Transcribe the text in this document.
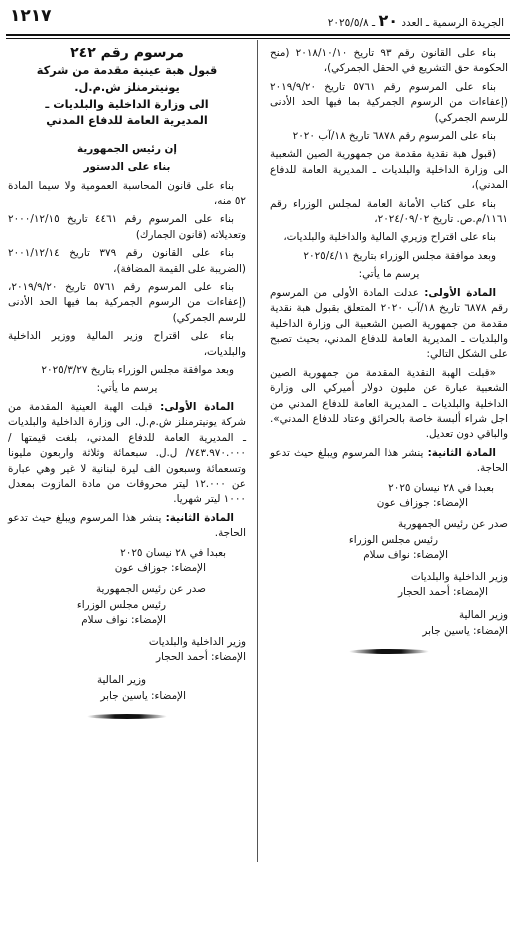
١٢١٧	الجريدة الرسمية ـ العدد ٢٠ ـ ٢٠٢٥/٥/٨

بناء على القانون رقم ٩٣ تاريخ ٢٠١٨/١٠/١٠ (منح الحكومة حق التشريع في الحقل الجمركي)،

بناء على المرسوم رقم ٥٧٦١ تاريخ ٢٠١٩/٩/٢٠ (إعفاءات من الرسوم الجمركية بما فيها الحد الأدنى للرسم الجمركي)

بناء على المرسوم رقم ٦٨٧٨ تاريخ ١٨/آب ٢٠٢٠

(قبول هبة نقدية مقدمة من جمهورية الصين الشعبية الى وزارة الداخلية والبلديات ـ المديرية العامة للدفاع المدني)،

بناء على كتاب الأمانة العامة لمجلس الوزراء رقم ١١٦١/م.ص. تاريخ ٢٠٢٤/٠٩/٠٢،

بناء على اقتراح وزيري المالية والداخلية والبلديات،

وبعد موافقة مجلس الوزراء بتاريخ ٢٠٢٥/٤/١١

يرسم ما يأتي:

المادة الأولى: عدلت المادة الأولى من المرسوم رقم ٦٨٧٨ تاريخ ١٨/آب ٢٠٢٠ المتعلق بقبول هبة نقدية مقدمة من جمهورية الصين الشعبية الى وزارة الداخلية والبلديات ـ المديرية العامة للدفاع المدني، بحيث تصبح على الشكل التالي:

«قبلت الهبة النقدية المقدمة من جمهورية الصين الشعبية عبارة عن مليون دولار أميركي الى وزارة الداخلية والبلديات ـ المديرية العامة للدفاع المدني من اجل شراء ألبسة خاصة بالحرائق وعتاد للدفاع المدني». والباقي دون تعديل.

المادة الثانية: ينشر هذا المرسوم ويبلغ حيث تدعو الحاجة.

بعبدا في ٢٨ نيسان ٢٠٢٥

الإمضاء: جوزاف عون

صدر عن رئيس الجمهورية

رئيس مجلس الوزراء

الإمضاء: نواف سلام

وزير الداخلية والبلديات

الإمضاء: أحمد الحجار

وزير المالية

الإمضاء: ياسين جابر

مرسوم رقم ٢٤٢

قبول هبة عينية مقدمة من شركة يونيترمنلز ش.م.ل.

الى وزارة الداخلية والبلديات ـ

المديرية العامة للدفاع المدني

إن رئيس الجمهورية

بناء على الدستور

بناء على قانون المحاسبة العمومية ولا سيما المادة ٥٢ منه،

بناء على المرسوم رقم ٤٤٦١ تاريخ ٢٠٠٠/١٢/١٥ وتعديلاته (قانون الجمارك)

بناء على القانون رقم ٣٧٩ تاريخ ٢٠٠١/١٢/١٤ (الضريبة على القيمة المضافة)،

بناء على المرسوم رقم ٥٧٦١ تاريخ ٢٠١٩/٩/٢٠، (إعفاءات من الرسوم الجمركية بما فيها الحد الأدنى للرسم الجمركي)

بناء على اقتراح وزير المالية ووزير الداخلية والبلديات،

وبعد موافقة مجلس الوزراء بتاريخ ٢٠٢٥/٣/٢٧

يرسم ما يأتي:

المادة الأولى: قبلت الهبة العينية المقدمة من شركة يونيترمنلز ش.م.ل. الى وزارة الداخلية والبلديات ـ المديرية العامة للدفاع المدني، بلغت قيمتها /٧٤٣.٩٧٠.٠٠٠/ ل.ل. سبعمائة وثلاثة واربعون مليونا وتسعمائة وسبعون الف ليرة لبنانية لا غير وهي عبارة عن ١٢.٠٠٠ ليتر محروقات من مادة المازوت بمعدل ١٠٠٠ ليتر شهريا.

المادة الثانية: ينشر هذا المرسوم ويبلغ حيث تدعو الحاجة.

بعبدا في ٢٨ نيسان ٢٠٢٥

الإمضاء: جوزاف عون

صدر عن رئيس الجمهورية

رئيس مجلس الوزراء

الإمضاء: نواف سلام

وزير الداخلية والبلديات

الإمضاء: أحمد الحجار

وزير المالية

الإمضاء: ياسين جابر
